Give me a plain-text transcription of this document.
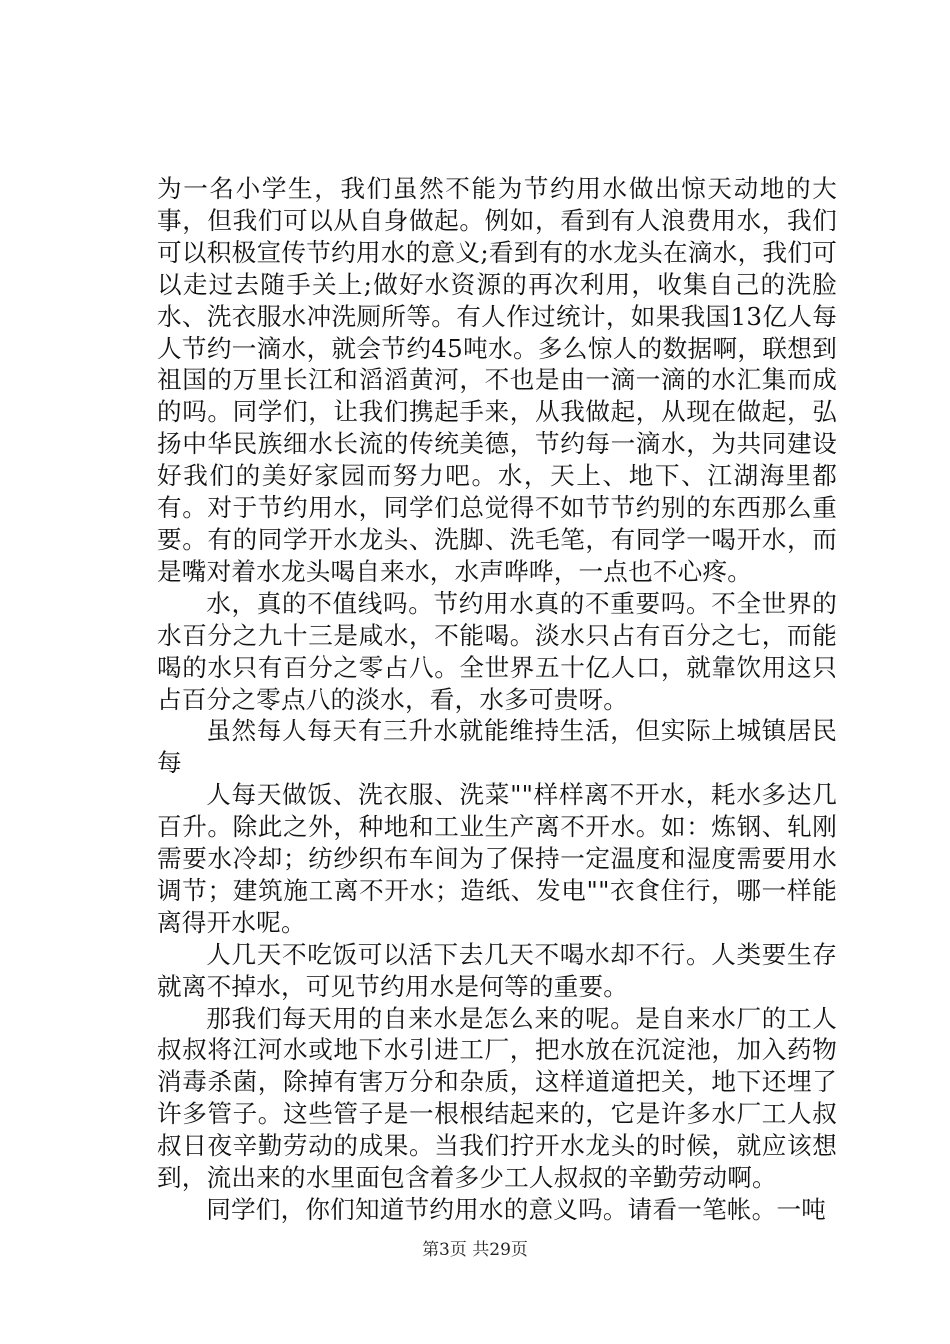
为一名小学生，我们虽然不能为节约用水做出惊天动地的大事，但我们可以从自身做起。例如，看到有人浪费用水，我们可以积极宣传节约用水的意义;看到有的水龙头在滴水，我们可以走过去随手关上;做好水资源的再次利用，收集自己的洗脸水、洗衣服水冲洗厕所等。有人作过统计，如果我国13亿人每人节约一滴水，就会节约45吨水。多么惊人的数据啊，联想到祖国的万里长江和滔滔黄河，不也是由一滴一滴的水汇集而成的吗。同学们，让我们携起手来，从我做起，从现在做起，弘扬中华民族细水长流的传统美德，节约每一滴水，为共同建设好我们的美好家园而努力吧。水，天上、地下、江湖海里都有。对于节约用水，同学们总觉得不如节节约别的东西那么重要。有的同学开水龙头、洗脚、洗毛笔，有同学一喝开水，而是嘴对着水龙头喝自来水，水声哗哗，一点也不心疼。

水，真的不值线吗。节约用水真的不重要吗。不全世界的水百分之九十三是咸水，不能喝。淡水只占有百分之七，而能喝的水只有百分之零占八。全世界五十亿人口，就靠饮用这只占百分之零点八的淡水，看，水多可贵呀。

虽然每人每天有三升水就能维持生活，但实际上城镇居民每

人每天做饭、洗衣服、洗菜""样样离不开水，耗水多达几百升。除此之外，种地和工业生产离不开水。如：炼钢、轧刚需要水冷却；纺纱织布车间为了保持一定温度和湿度需要用水调节；建筑施工离不开水；造纸、发电""衣食住行，哪一样能离得开水呢。

人几天不吃饭可以活下去几天不喝水却不行。人类要生存就离不掉水，可见节约用水是何等的重要。

那我们每天用的自来水是怎么来的呢。是自来水厂的工人叔叔将江河水或地下水引进工厂，把水放在沉淀池，加入药物消毒杀菌，除掉有害万分和杂质，这样道道把关，地下还埋了许多管子。这些管子是一根根结起来的，它是许多水厂工人叔叔日夜辛勤劳动的成果。当我们拧开水龙头的时候，就应该想到，流出来的水里面包含着多少工人叔叔的辛勤劳动啊。

同学们，你们知道节约用水的意义吗。请看一笔帐。一吨

第3页 共29页
